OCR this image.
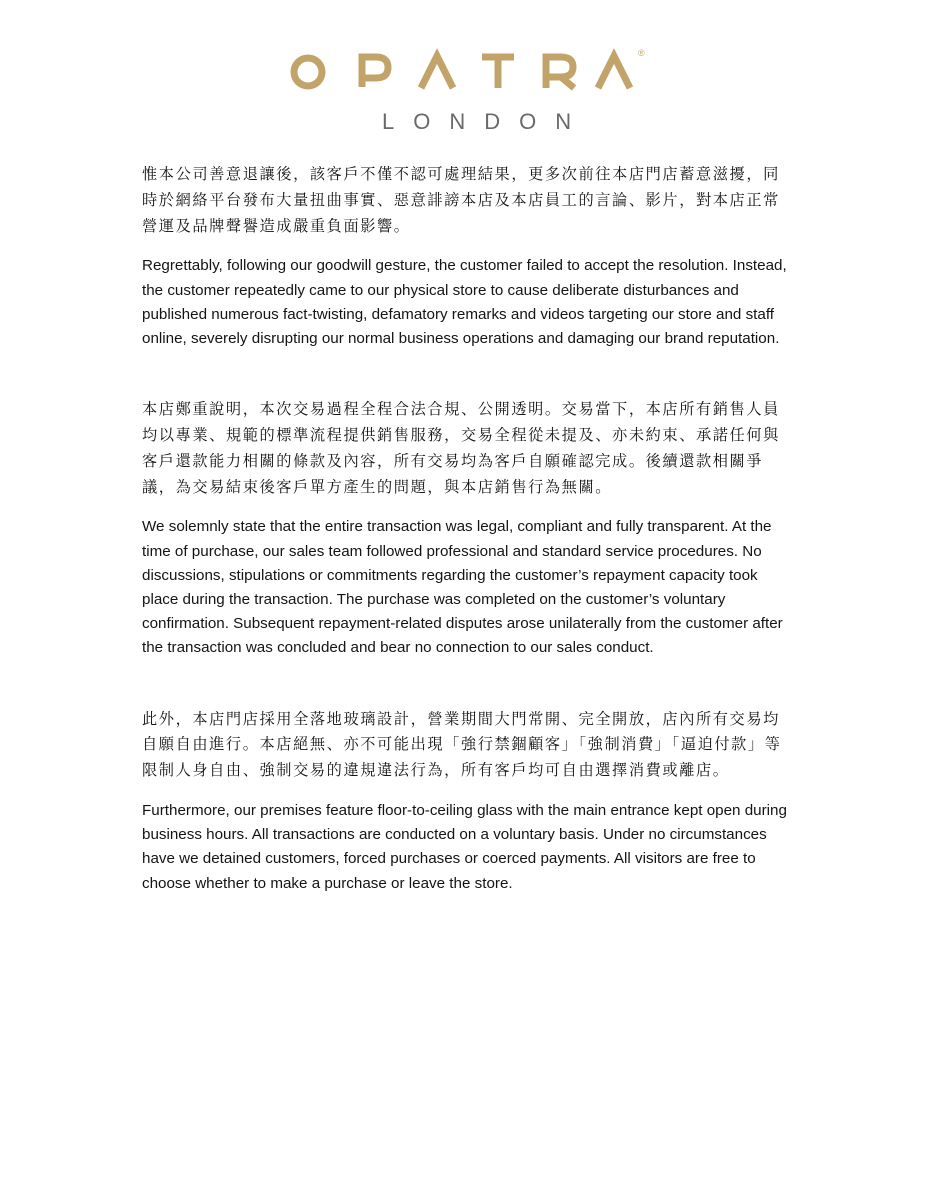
®
LONDON

惟本公司善意退讓後，該客戶不僅不認可處理結果，更多次前往本店門店蓄意滋擾，同時於網絡平台發布大量扭曲事實、惡意誹謗本店及本店員工的言論、影片，對本店正常營運及品牌聲譽造成嚴重負面影響。

Regrettably, following our goodwill gesture, the customer failed to accept the resolution. Instead, the customer repeatedly came to our physical store to cause deliberate disturbances and published numerous fact-twisting, defamatory remarks and videos targeting our store and staff online, severely disrupting our normal business operations and damaging our brand reputation.

本店鄭重說明，本次交易過程全程合法合規、公開透明。交易當下，本店所有銷售人員均以專業、規範的標準流程提供銷售服務，交易全程從未提及、亦未約束、承諾任何與客戶還款能力相關的條款及內容，所有交易均為客戶自願確認完成。後續還款相關爭議，為交易結束後客戶單方產生的問題，與本店銷售行為無關。

We solemnly state that the entire transaction was legal, compliant and fully transparent. At the time of purchase, our sales team followed professional and standard service procedures. No discussions, stipulations or commitments regarding the customer’s repayment capacity took place during the transaction. The purchase was completed on the customer’s voluntary confirmation. Subsequent repayment-related disputes arose unilaterally from the customer after the transaction was concluded and bear no connection to our sales conduct.

此外，本店門店採用全落地玻璃設計，營業期間大門常開、完全開放，店內所有交易均自願自由進行。本店絕無、亦不可能出現「強行禁錮顧客」「強制消費」「逼迫付款」等限制人身自由、強制交易的違規違法行為，所有客戶均可自由選擇消費或離店。

Furthermore, our premises feature floor-to-ceiling glass with the main entrance kept open during business hours. All transactions are conducted on a voluntary basis. Under no circumstances have we detained customers, forced purchases or coerced payments. All visitors are free to choose whether to make a purchase or leave the store.
